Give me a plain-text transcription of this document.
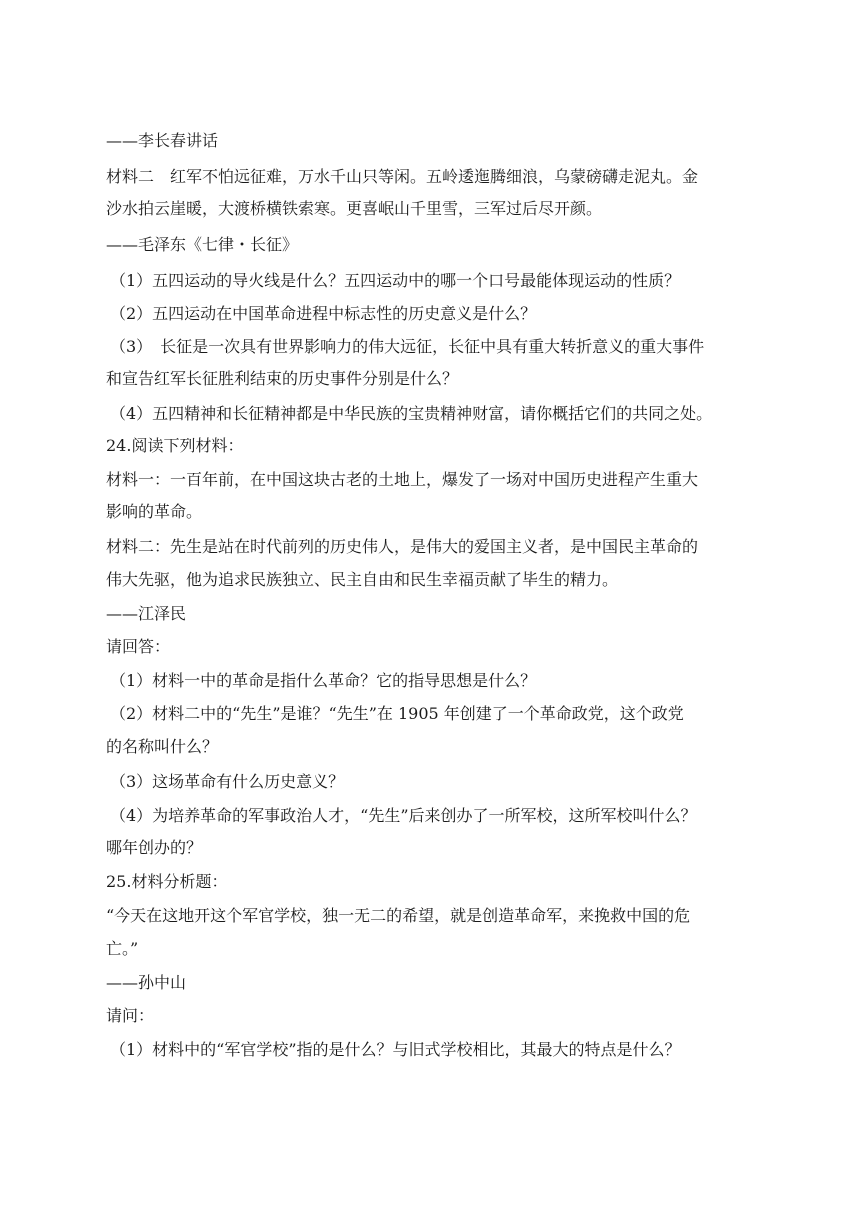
——李长春讲话
材料二　红军不怕远征难，万水千山只等闲。五岭逶迤腾细浪，乌蒙磅礴走泥丸。金
沙水拍云崖暖，大渡桥横铁索寒。更喜岷山千里雪，三军过后尽开颜。
——毛泽东《七律・长征》
（1）五四运动的导火线是什么？五四运动中的哪一个口号最能体现运动的性质？
（2）五四运动在中国革命进程中标志性的历史意义是什么？
（3）　长征是一次具有世界影响力的伟大远征，长征中具有重大转折意义的重大事件
和宣告红军长征胜利结束的历史事件分别是什么？
（4）五四精神和长征精神都是中华民族的宝贵精神财富，请你概括它们的共同之处。
24.阅读下列材料：
材料一：一百年前，在中国这块古老的土地上，爆发了一场对中国历史进程产生重大
影响的革命。
材料二：先生是站在时代前列的历史伟人，是伟大的爱国主义者，是中国民主革命的
伟大先驱，他为追求民族独立、民主自由和民生幸福贡献了毕生的精力。
——江泽民
请回答：
（1）材料一中的革命是指什么革命？它的指导思想是什么？
（2）材料二中的“先生”是谁？“先生”在 1905 年创建了一个革命政党，这个政党
的名称叫什么？
（3）这场革命有什么历史意义？
（4）为培养革命的军事政治人才，“先生”后来创办了一所军校，这所军校叫什么？
哪年创办的？
25.材料分析题：
“今天在这地开这个军官学校，独一无二的希望，就是创造革命军，来挽救中国的危
亡。”
——孙中山
请问：
（1）材料中的“军官学校”指的是什么？与旧式学校相比，其最大的特点是什么？
